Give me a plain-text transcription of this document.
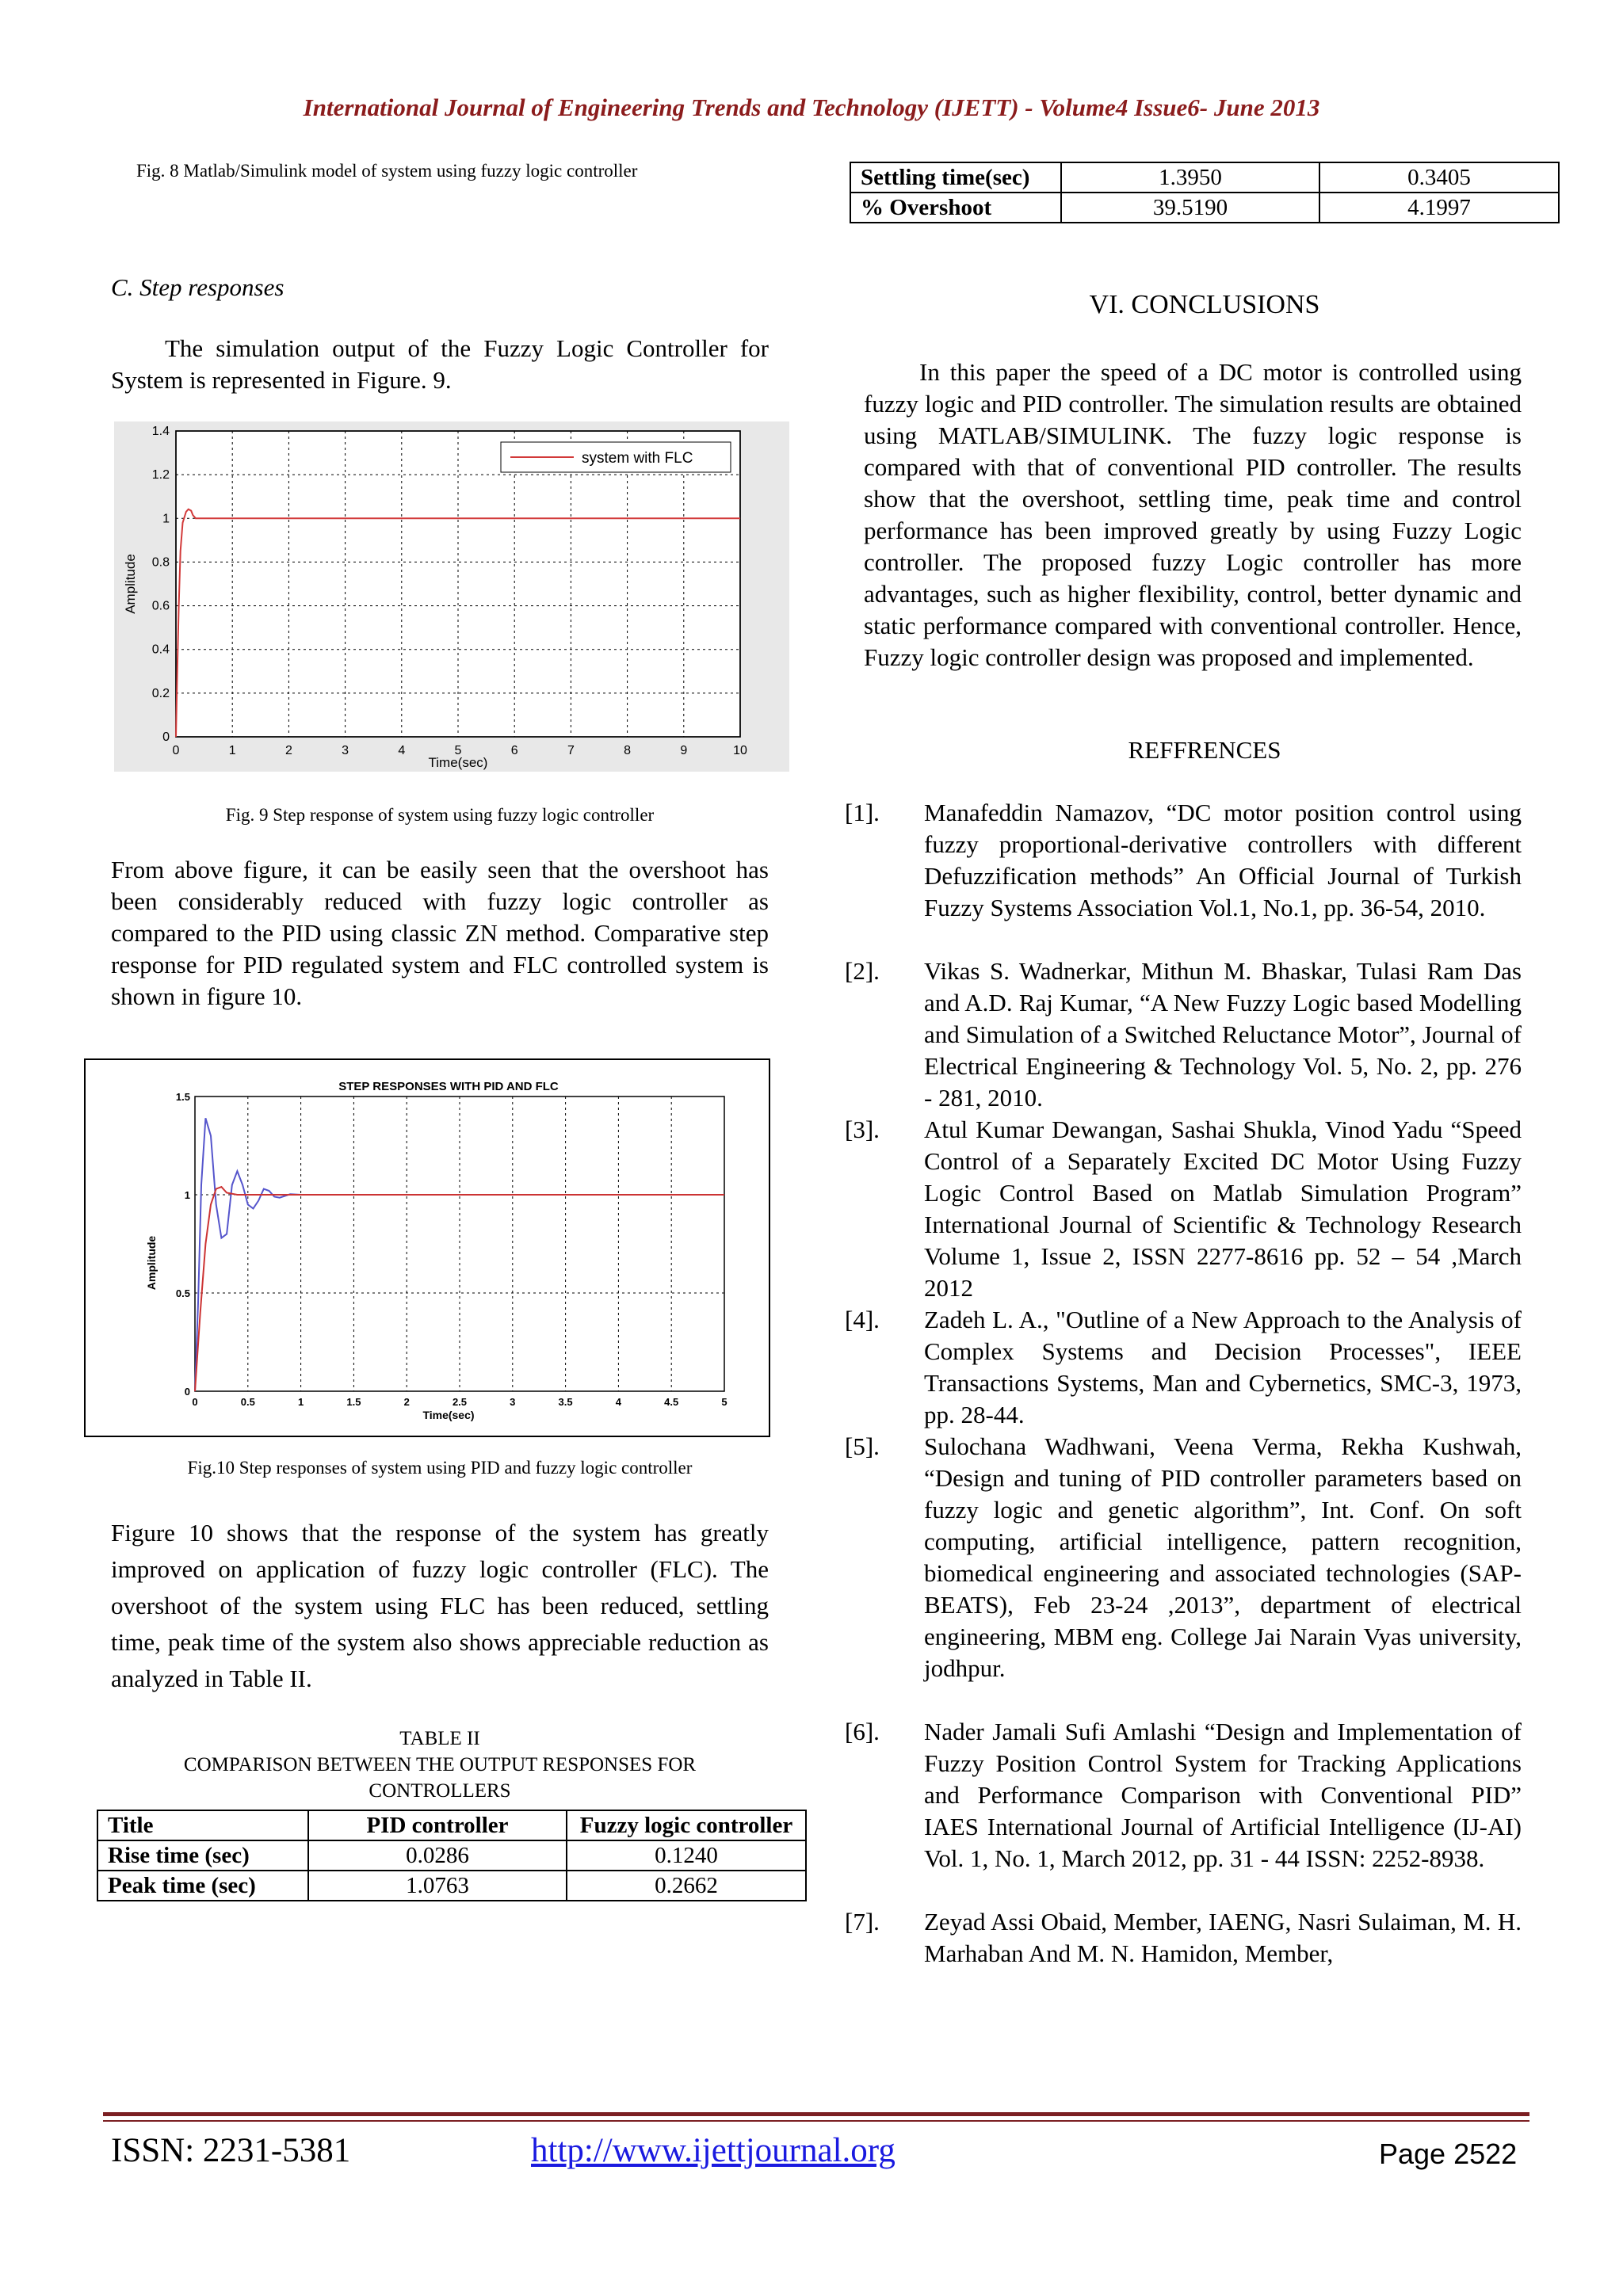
International Journal of Engineering Trends and Technology (IJETT) - Volume4 Issue6- June 2013
Fig. 8 Matlab/Simulink model of system using fuzzy logic controller
C. Step responses
The simulation output of the Fuzzy Logic Controller for System is represented in Figure. 9.
0	1	2	3	4	5	6	7	8	9	10
0
0.2
0.4
0.6
0.8
1
1.2
1.4
system with FLC
Time(sec)
Amplitude
Fig. 9 Step response of system using fuzzy logic controller
From above figure, it can be easily seen that the overshoot has been considerably reduced with fuzzy logic controller as compared to the PID using classic ZN method. Comparative step response for PID regulated system and FLC controlled system is shown in figure 10.
0	0.5	1	1.5	2	2.5	3	3.5	4	4.5	5
0
0.5
1
1.5
STEP RESPONSES WITH PID AND FLC
Time(sec)
Amplitude
Fig.10 Step responses of system using PID and fuzzy logic controller
Figure 10 shows that the response of the system has greatly improved on application of fuzzy logic controller (FLC). The overshoot of the system using FLC has been reduced, settling time, peak time of the system also shows appreciable reduction as analyzed in Table II.
TABLE II
COMPARISON BETWEEN THE OUTPUT RESPONSES FOR
CONTROLLERS
Title	PID controller	Fuzzy logic controller
Rise time (sec)	0.0286	0.1240
Peak time (sec)	1.0763	0.2662
Settling time(sec)	1.3950	0.3405
% Overshoot	39.5190	4.1997
VI. CONCLUSIONS
In this paper the speed of a DC motor is controlled using fuzzy logic and PID controller. The simulation results are obtained using MATLAB/SIMULINK. The fuzzy logic response is compared with that of conventional PID controller. The results show that the overshoot, settling time, peak time and control performance has been improved greatly by using Fuzzy Logic controller. The proposed fuzzy Logic controller has more advantages, such as higher flexibility, control, better dynamic and static performance compared with conventional controller. Hence, Fuzzy logic controller design was proposed and implemented.
REFFRENCES
[1]. Manafeddin Namazov, “DC motor position control using fuzzy proportional-derivative controllers with different Defuzzification methods” An Official Journal of Turkish Fuzzy Systems Association Vol.1, No.1, pp. 36-54, 2010.
[2]. Vikas S. Wadnerkar, Mithun M. Bhaskar, Tulasi Ram Das and A.D. Raj Kumar, “A New Fuzzy Logic based Modelling and Simulation of a Switched Reluctance Motor”, Journal of Electrical Engineering & Technology Vol. 5, No. 2, pp. 276 - 281, 2010.
[3]. Atul Kumar Dewangan, Sashai Shukla, Vinod Yadu “Speed Control of a Separately Excited DC Motor Using Fuzzy Logic Control Based on Matlab Simulation Program” International Journal of Scientific & Technology Research Volume 1, Issue 2, ISSN 2277-8616 pp. 52 – 54 ,March 2012
[4]. Zadeh L. A., "Outline of a New Approach to the Analysis of Complex Systems and Decision Processes", IEEE Transactions Systems, Man and Cybernetics, SMC-3, 1973, pp. 28-44.
[5]. Sulochana Wadhwani, Veena Verma, Rekha Kushwah, “Design and tuning of PID controller parameters based on fuzzy logic and genetic algorithm”, Int. Conf. On soft computing, artificial intelligence, pattern recognition, biomedical engineering and associated technologies (SAP-BEATS), Feb 23-24 ,2013”, department of electrical engineering, MBM eng. College Jai Narain Vyas university, jodhpur.
[6]. Nader Jamali Sufi Amlashi “Design and Implementation of Fuzzy Position Control System for Tracking Applications and Performance Comparison with Conventional PID” IAES International Journal of Artificial Intelligence (IJ-AI) Vol. 1, No. 1, March 2012, pp. 31 - 44 ISSN: 2252-8938.
[7]. Zeyad Assi Obaid, Member, IAENG, Nasri Sulaiman, M. H. Marhaban And M. N. Hamidon, Member,
ISSN: 2231-5381	http://www.ijettjournal.org	Page 2522
